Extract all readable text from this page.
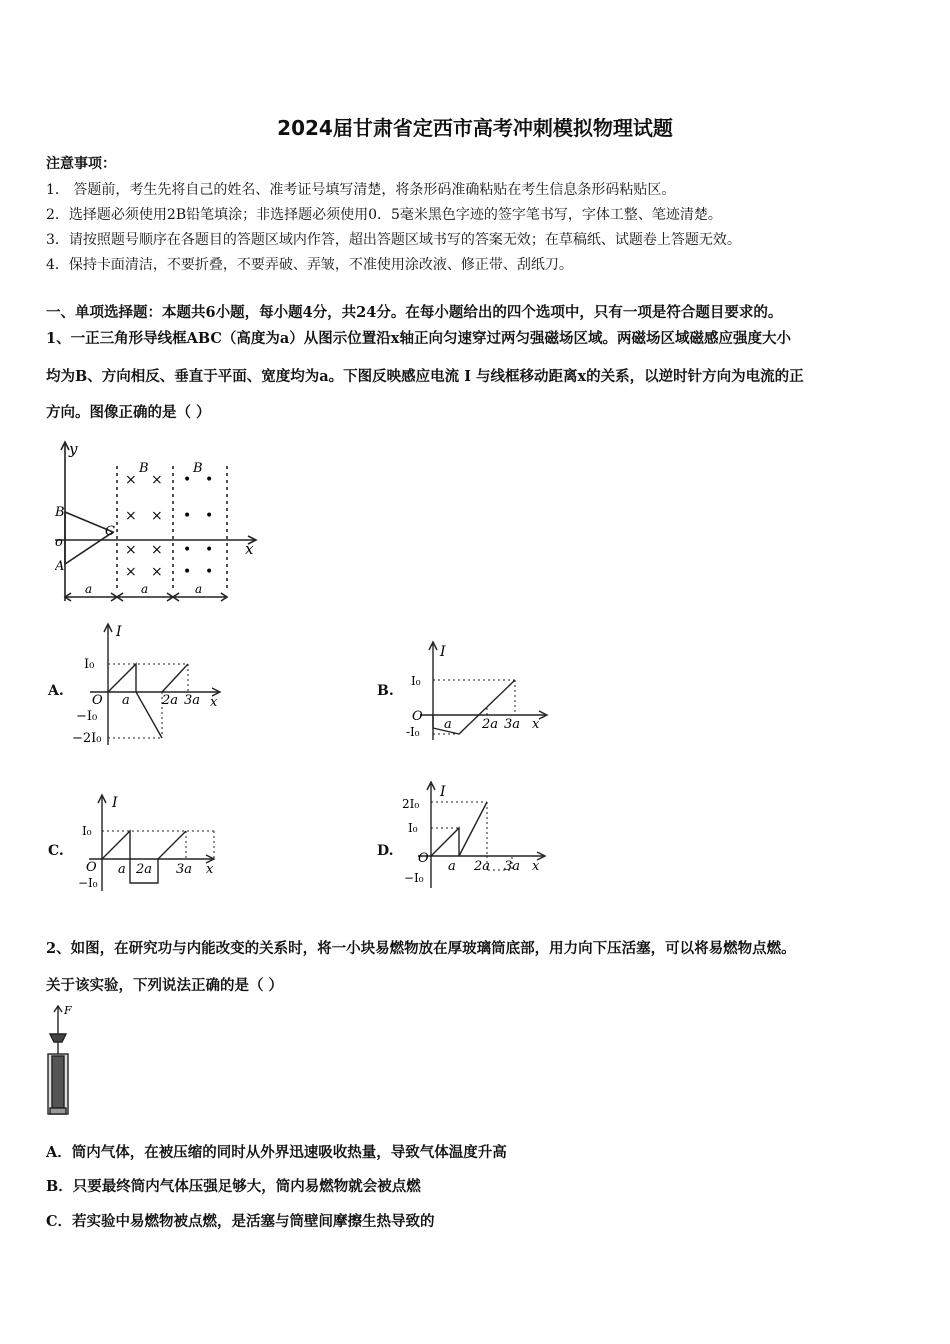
2024届甘肃省定西市高考冲刺模拟物理试题
注意事项：
1． 答题前，考生先将自己的姓名、准考证号填写清楚，将条形码准确粘贴在考生信息条形码粘贴区。
2．选择题必须使用2B铅笔填涂；非选择题必须使用0．5毫米黑色字迹的签字笔书写，字体工整、笔迹清楚。
3．请按照题号顺序在各题目的答题区域内作答，超出答题区域书写的答案无效；在草稿纸、试题卷上答题无效。
4．保持卡面清洁，不要折叠，不要弄破、弄皱，不准使用涂改液、修正带、刮纸刀。
一、单项选择题：本题共6小题，每小题4分，共24分。在每小题给出的四个选项中，只有一项是符合题目要求的。
1、一正三角形导线框ABC（高度为a）从图示位置沿x轴正向匀速穿过两匀强磁场区域。两磁场区域磁感应强度大小
均为B、方向相反、垂直于平面、宽度均为a。下图反映感应电流 I 与线框移动距离x的关系，以逆时针方向为电流的正
方向。图像正确的是（ ）
y
x
o
B
C
A
B	B
× ×
× ×
× ×
× ×
• •
• •
• •
• •
a	a	a
A.
I
x
O
I₀
−I₀
−2I₀
a 2a 3a
B.
I
x
O
I₀
-I₀ a 2a 3a
C.
I
x
O
I₀
−I₀
a 2a 3a
D.
I
x
O
2I₀
I₀
−I₀
a 2a 3a
2、如图，在研究功与内能改变的关系时，将一小块易燃物放在厚玻璃筒底部，用力向下压活塞，可以将易燃物点燃。
关于该实验，下列说法正确的是（ ）
F
A．筒内气体，在被压缩的同时从外界迅速吸收热量，导致气体温度升高
B．只要最终筒内气体压强足够大，筒内易燃物就会被点燃
C．若实验中易燃物被点燃，是活塞与筒壁间摩擦生热导致的
